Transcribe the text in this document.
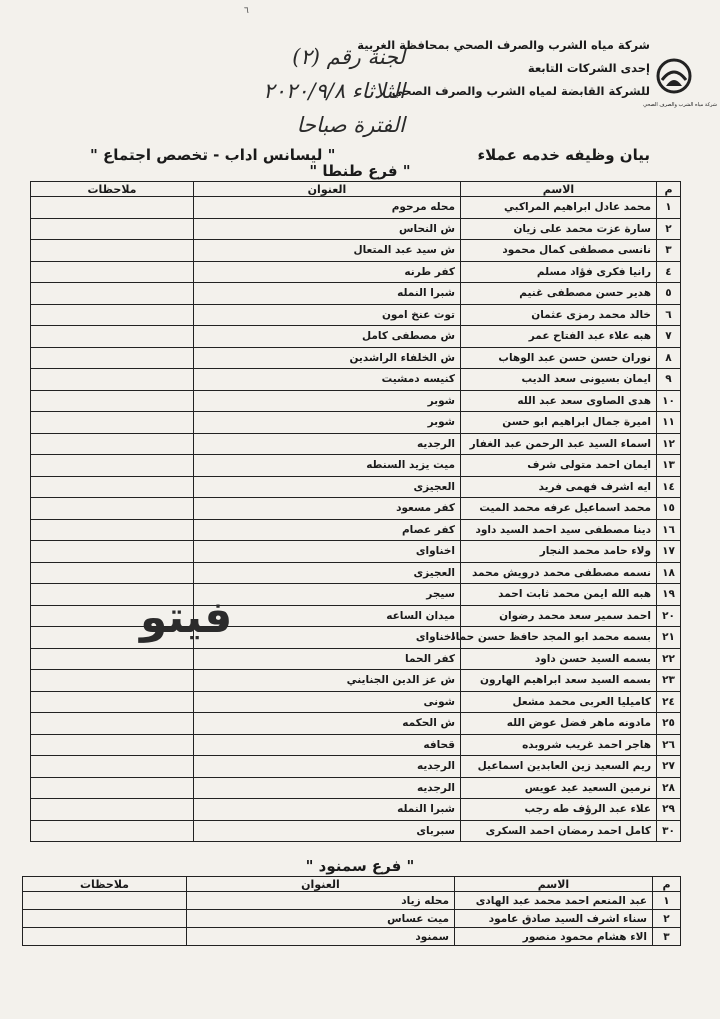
٦
شركة مياه الشرب والصرف الصحي
شركة مياه الشرب والصرف الصحي بمحافظة الغربية
إحدى الشركات التابعة
للشركة القابضة لمياه الشرب والصرف الصحي
لجنة رقم (٢)
الثلاثاء ٢٠٢٠/٩/٨
الفترة صباحا
بيان وظيفه خدمه عملاء
" ليسانس اداب - تخصص اجتماع "
" فرع طنطا "
م	الاسم	العنوان	ملاحظات
١	محمد عادل ابراهيم المراكبي	محله مرحوم	
٢	سارة عزت محمد على زيان	ش النحاس	
٣	نانسى مصطفى كمال محمود	ش سيد عبد المتعال	
٤	رانيا فكرى فؤاد مسلم	كفر طرنه	
٥	هدير حسن مصطفى غنيم	شبرا النمله	
٦	خالد محمد رمزى عثمان	توت عنخ امون	
٧	هبه علاء عبد الفتاح عمر	ش مصطفى كامل	
٨	نوران حسن حسن عبد الوهاب	ش الخلفاء الراشدين	
٩	ايمان بسيونى سعد الديب	كنيسه دمشيت	
١٠	هدى الصاوى سعد عبد الله	شوبر	
١١	اميرة جمال ابراهيم ابو حسن	شوبر	
١٢	اسماء السيد عبد الرحمن عبد الغفار	الرجديه	
١٣	ايمان احمد متولى شرف	ميت يزيد السنطه	
١٤	ايه اشرف فهمى فريد	العجيزى	
١٥	محمد اسماعيل عرفه محمد الميت	كفر مسعود	
١٦	دينا مصطفى سيد احمد السيد داود	كفر عصام	
١٧	ولاء حامد محمد النجار	اخناواى	
١٨	نسمه مصطفى محمد درويش محمد	العجيزى	
١٩	هبه الله ايمن محمد ثابت احمد	سيجر	
٢٠	احمد سمير سعد محمد رضوان	ميدان الساعه	
٢١	بسمه محمد ابو المجد حافظ حسن حماد	اخناواى	
٢٢	بسمه السيد حسن داود	كفر الحما	
٢٣	بسمه السيد سعد ابراهيم الهارون	ش عز الدين الجنايني	
٢٤	كاميليا العربى محمد مشعل	شونى	
٢٥	مادونه ماهر فضل عوض الله	ش الحكمه	
٢٦	هاجر احمد غريب شروبده	قحافه	
٢٧	ريم السعيد زين العابدين اسماعيل	الرجديه	
٢٨	نرمين السعيد عيد عويس	الرجديه	
٢٩	علاء عبد الرؤف طه رجب	شبرا النمله	
٣٠	كامل احمد رمضان احمد السكرى	سبرباى	
" فرع سمنود "
م	الاسم	العنوان	ملاحظات
١	عبد المنعم احمد محمد عبد الهادى	محله زياد	
٢	سناء اشرف السيد صادق عامود	ميت عساس	
٣	الاء هشام محمود منصور	سمنود	
فيتو
